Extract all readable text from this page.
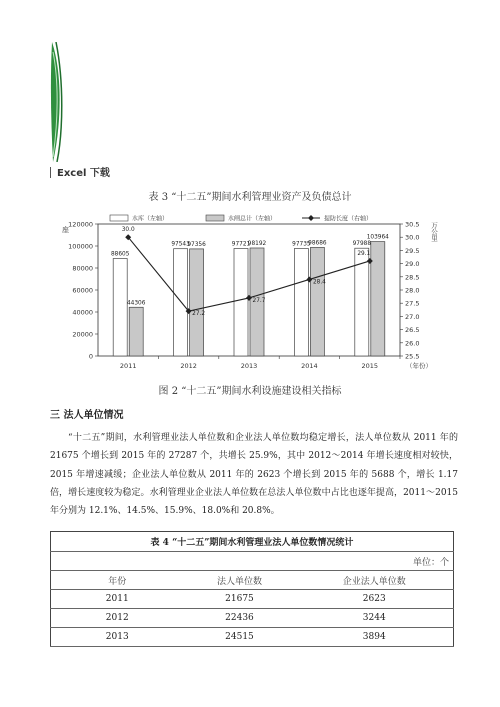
Excel 下载
表 3 “十二五”期间水利管理业资产及负债总计
0
20000
40000
60000
80000
100000
120000
25.5
26.0
26.5
27.0
27.5
28.0
28.5
29.0
29.5
30.0
30.5
座	万公里
（年份）
2011
88605
44306
2012
97543
97356
2013
97721
98192
2014
97735
98686
2015
97988
103964
30.0
27.2
27.7
28.4
29.1
水库（左轴）	水闸总计（左轴）	提防长度（右轴）
图 2 “十二五”期间水利设施建设相关指标
三 法人单位情况
“十二五”期间，水利管理业法人单位数和企业法人单位数均稳定增长，法人单位数从 2011 年的 21675 个增长到 2015 年的 27287 个，共增长 25.9%，其中 2012～2014 年增长速度相对较快，2015 年增速减缓；企业法人单位数从 2011 年的 2623 个增长到 2015 年的 5688 个，增长 1.17 倍，增长速度较为稳定。水利管理业企业法人单位数在总法人单位数中占比也逐年提高，2011～2015 年分别为 12.1%、14.5%、15.9%、18.0%和 20.8%。
表 4 “十二五”期间水利管理业法人单位数情况统计		
单位：个		
年份	法人单位数	企业法人单位数
2011	21675	2623
2012	22436	3244
2013	24515	3894
